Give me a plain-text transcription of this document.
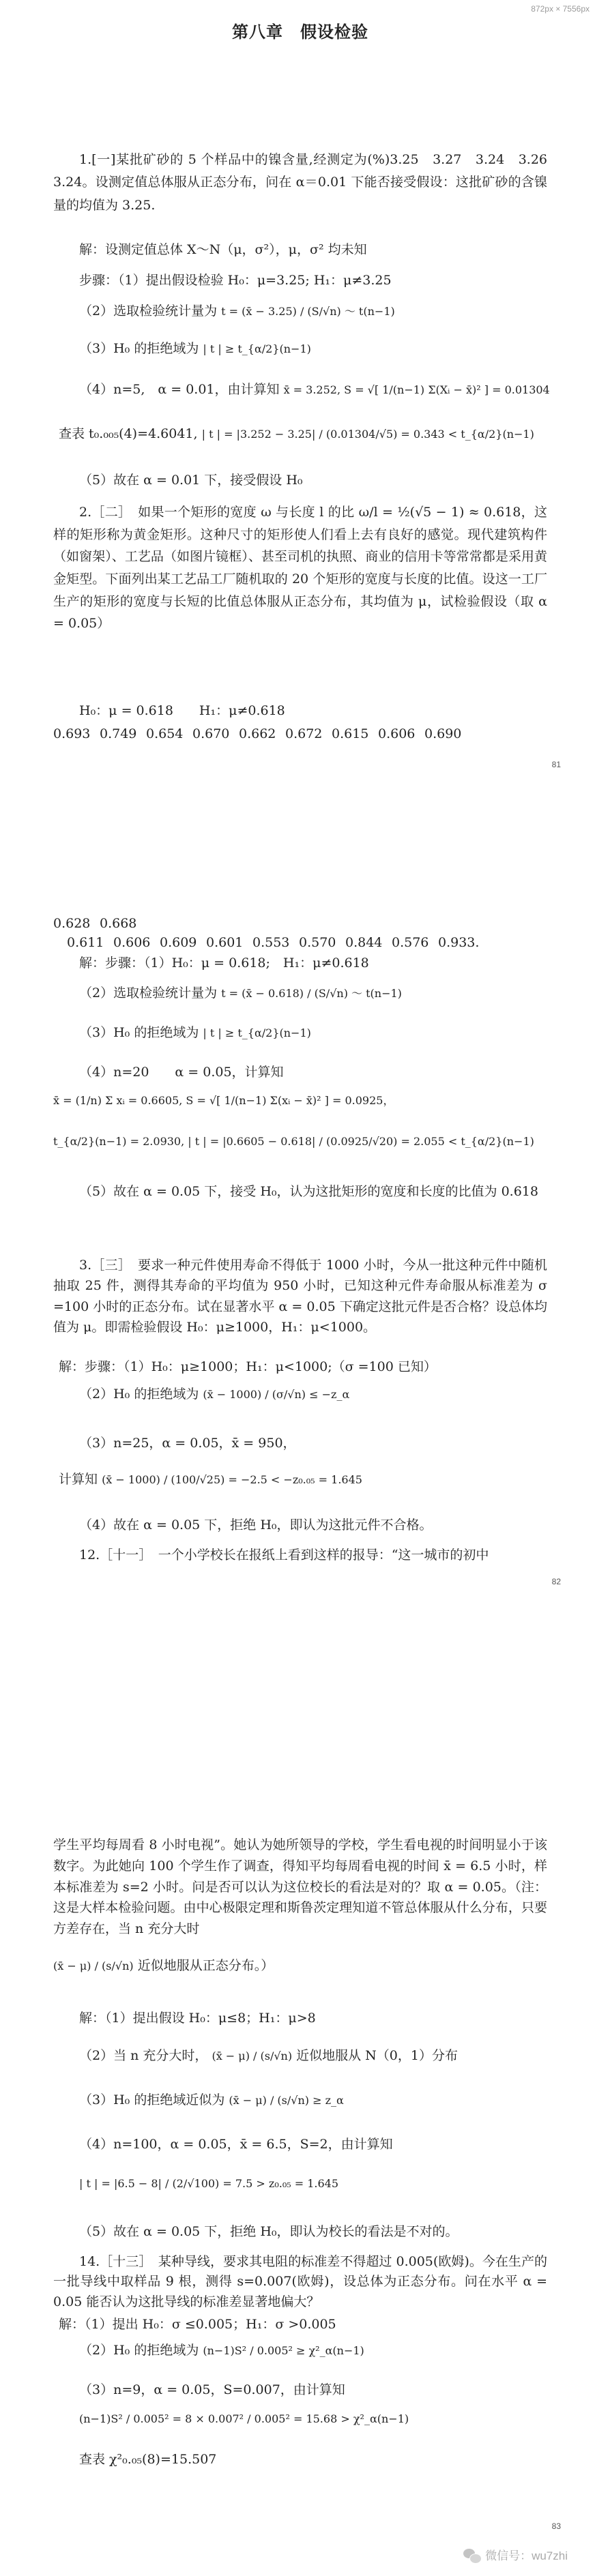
872px × 7556px
第八章　假设检验

1.[一]某批矿砂的 5 个样品中的镍含量,经测定为(%)3.25　3.27　3.24　3.26　3.24。设测定值总体服从正态分布，问在 α＝0.01 下能否接受假设：这批矿砂的含镍量的均值为 3.25.

解：设测定值总体 X～N（μ，σ²），μ，σ² 均未知

步骤：（1）提出假设检验 H₀：μ=3.25; H₁：μ≠3.25

（2）选取检验统计量为 t = (x̄ − 3.25) / (S/√n) ～ t(n−1)

（3）H₀ 的拒绝域为 | t | ≥ t_{α/2}(n−1)

（4）n=5,　α = 0.01，由计算知 x̄ = 3.252, S = √[ 1/(n−1) Σ(Xᵢ − x̄)² ] = 0.01304

查表 t₀.₀₀₅(4)=4.6041, | t | = |3.252 − 3.25| / (0.01304/√5) = 0.343 < t_{α/2}(n−1)

（5）故在 α = 0.01 下，接受假设 H₀

2.［二］　如果一个矩形的宽度 ω 与长度 l 的比 ω/l = ½(√5 − 1) ≈ 0.618，这样的矩形称为黄金矩形。这种尺寸的矩形使人们看上去有良好的感觉。现代建筑构件（如窗架）、工艺品（如图片镜框）、甚至司机的执照、商业的信用卡等常常都是采用黄金矩型。下面列出某工艺品工厂随机取的 20 个矩形的宽度与长度的比值。设这一工厂生产的矩形的宽度与长短的比值总体服从正态分布，其均值为 μ，试检验假设（取 α = 0.05）

H₀：μ = 0.618　　H₁：μ≠0.618

0.693 0.749 0.654 0.670 0.662 0.672 0.615 0.606 0.690
81
0.628 0.668
0.611 0.606 0.609 0.601 0.553 0.570 0.844 0.576 0.933.

解：步骤：（1）H₀：μ = 0.618;　H₁：μ≠0.618

（2）选取检验统计量为 t = (x̄ − 0.618) / (S/√n) ～ t(n−1)

（3）H₀ 的拒绝域为 | t | ≥ t_{α/2}(n−1)

（4）n=20　　α = 0.05，计算知

x̄ = (1/n) Σ xᵢ = 0.6605, S = √[ 1/(n−1) Σ(xᵢ − x̄)² ] = 0.0925，

t_{α/2}(n−1) = 2.0930, | t | = |0.6605 − 0.618| / (0.0925/√20) = 2.055 < t_{α/2}(n−1)

（5）故在 α = 0.05 下，接受 H₀，认为这批矩形的宽度和长度的比值为 0.618

3.［三］　要求一种元件使用寿命不得低于 1000 小时，今从一批这种元件中随机抽取 25 件，测得其寿命的平均值为 950 小时，已知这种元件寿命服从标准差为 σ =100 小时的正态分布。试在显著水平 α = 0.05 下确定这批元件是否合格？设总体均值为 μ。即需检验假设 H₀：μ≥1000，H₁：μ<1000。

解：步骤：（1）H₀：μ≥1000；H₁：μ<1000;（σ =100 已知）

（2）H₀ 的拒绝域为 (x̄ − 1000) / (σ/√n) ≤ −z_α

（3）n=25，α = 0.05，x̄ = 950，

计算知 (x̄ − 1000) / (100/√25) = −2.5 < −z₀.₀₅ = 1.645

（4）故在 α = 0.05 下，拒绝 H₀，即认为这批元件不合格。

12.［十一］　一个小学校长在报纸上看到这样的报导：“这一城市的初中

82

学生平均每周看 8 小时电视”。她认为她所领导的学校，学生看电视的时间明显小于该数字。为此她向 100 个学生作了调查，得知平均每周看电视的时间 x̄ = 6.5 小时，样本标准差为 s=2 小时。问是否可以认为这位校长的看法是对的？取 α = 0.05。（注：这是大样本检验问题。由中心极限定理和斯鲁茨定理知道不管总体服从什么分布，只要方差存在，当 n 充分大时

(x̄ − μ) / (s/√n) 近似地服从正态分布。）

解：（1）提出假设 H₀：μ≤8；H₁：μ>8

（2）当 n 充分大时， (x̄ − μ) / (s/√n) 近似地服从 N（0，1）分布

（3）H₀ 的拒绝域近似为 (x̄ − μ) / (s/√n) ≥ z_α

（4）n=100，α = 0.05，x̄ = 6.5，S=2，由计算知

| t | = |6.5 − 8| / (2/√100) = 7.5 > z₀.₀₅ = 1.645

（5）故在 α = 0.05 下，拒绝 H₀，即认为校长的看法是不对的。

14.［十三］　某种导线，要求其电阻的标准差不得超过 0.005(欧姆)。今在生产的一批导线中取样品 9 根，测得 s=0.007(欧姆)，设总体为正态分布。问在水平 α = 0.05 能否认为这批导线的标准差显著地偏大？

解：（1）提出 H₀：σ ≤0.005；H₁：σ >0.005

（2）H₀ 的拒绝域为 (n−1)S² / 0.005² ≥ χ²_α(n−1)

（3）n=9，α = 0.05，S=0.007，由计算知

(n−1)S² / 0.005² = 8 × 0.007² / 0.005² = 15.68 > χ²_α(n−1)

查表 χ²₀.₀₅(8)=15.507

83
微信号：wu7zhi
